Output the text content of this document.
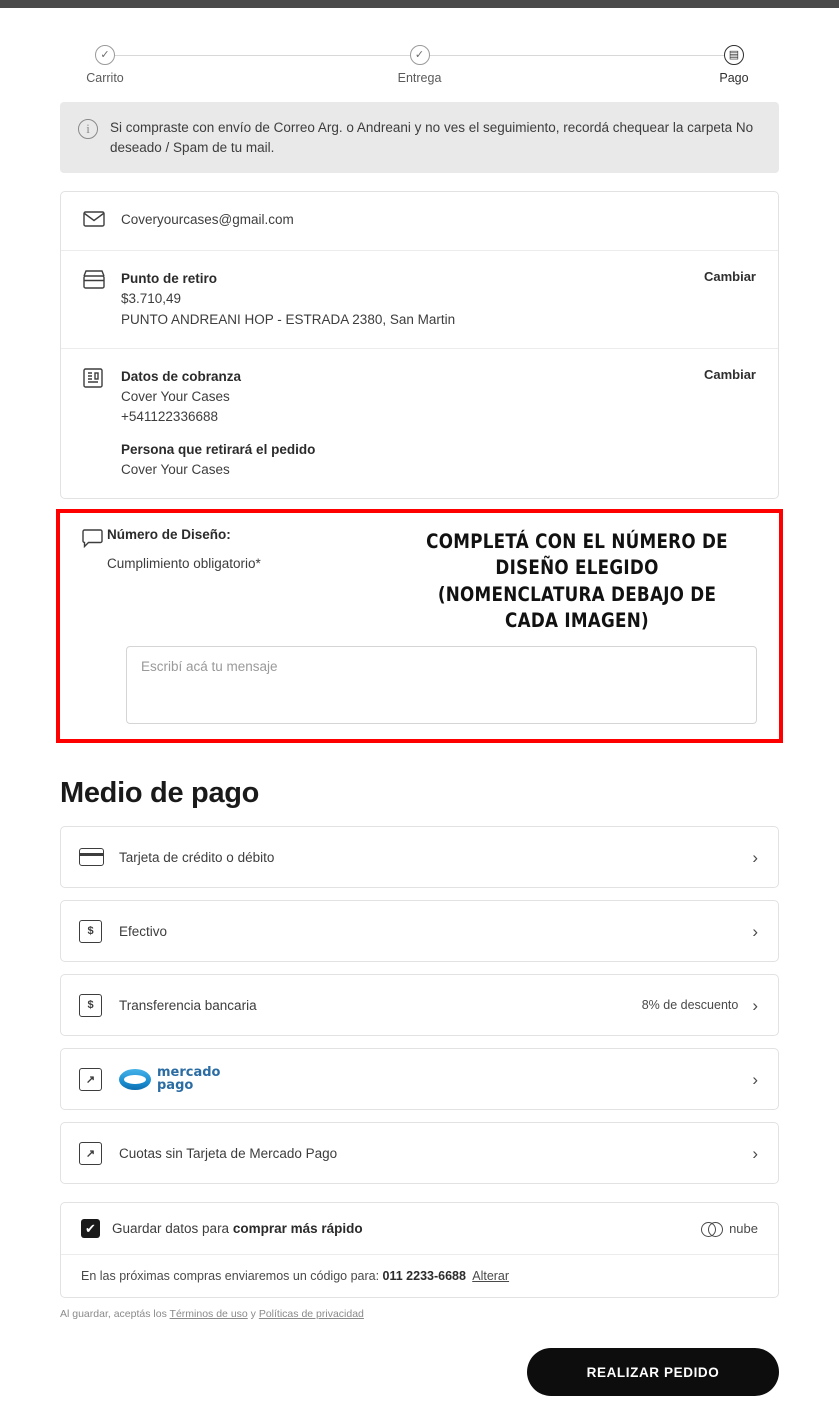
✓
Carrito
✓
Entrega
▤
Pago
i	Si compraste con envío de Correo Arg. o Andreani y no ves el seguimiento, recordá chequear la carpeta No deseado / Spam de tu mail.
Coveryourcases@gmail.com
Punto de retiro
$3.710,49
PUNTO ANDREANI HOP - ESTRADA 2380, San Martin
Cambiar
Datos de cobranza
Cover Your Cases
+541122336688
Persona que retirará el pedido
Cover Your Cases
Cambiar
Número de Diseño:
Cumplimiento obligatorio*
COMPLETÁ CON EL NÚMERO DE DISEÑO ELEGIDO
(NOMENCLATURA DEBAJO DE CADA IMAGEN)
Escribí acá tu mensaje
Medio de pago
Tarjeta de crédito o débito	›
$	Efectivo	›
$	Transferencia bancaria	8% de descuento ›
↗
mercado
pago	›
↗	Cuotas sin Tarjeta de Mercado Pago	›
✔ Guardar datos para comprar más rápido	nube
En las próximas compras enviaremos un código para: 011 2233-6688 Alterar
Al guardar, aceptás los Términos de uso y Políticas de privacidad
REALIZAR PEDIDO
